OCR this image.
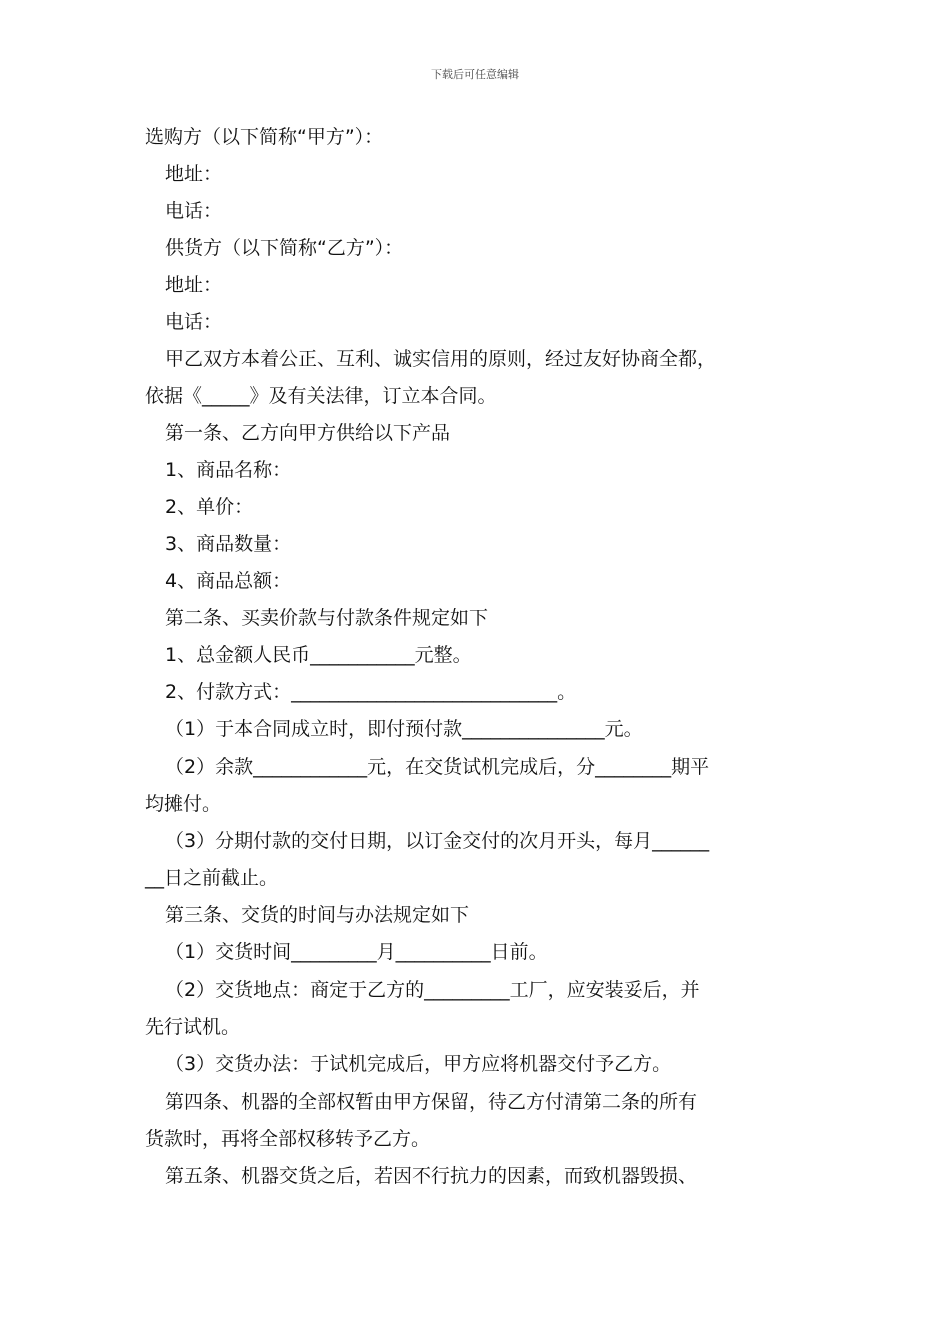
下载后可任意编辑
选购方（以下简称“甲方”）：
地址：
电话：
供货方（以下简称“乙方”）：
地址：
电话：
甲乙双方本着公正、互利、诚实信用的原则，经过友好协商全都，
依据《_____》及有关法律，订立本合同。
第一条、乙方向甲方供给以下产品
1、商品名称：
2、单价：
3、商品数量：
4、商品总额：
第二条、买卖价款与付款条件规定如下
1、总金额人民币___________元整。
2、付款方式：____________________________。
（1）于本合同成立时，即付预付款_______________元。
（2）余款____________元，在交货试机完成后，分________期平
均摊付。
（3）分期付款的交付日期，以订金交付的次月开头，每月______
__日之前截止。
第三条、交货的时间与办法规定如下
（1）交货时间_________月__________日前。
（2）交货地点：商定于乙方的_________工厂，应安装妥后，并
先行试机。
（3）交货办法：于试机完成后，甲方应将机器交付予乙方。
第四条、机器的全部权暂由甲方保留，待乙方付清第二条的所有
货款时，再将全部权移转予乙方。
第五条、机器交货之后，若因不行抗力的因素，而致机器毁损、
